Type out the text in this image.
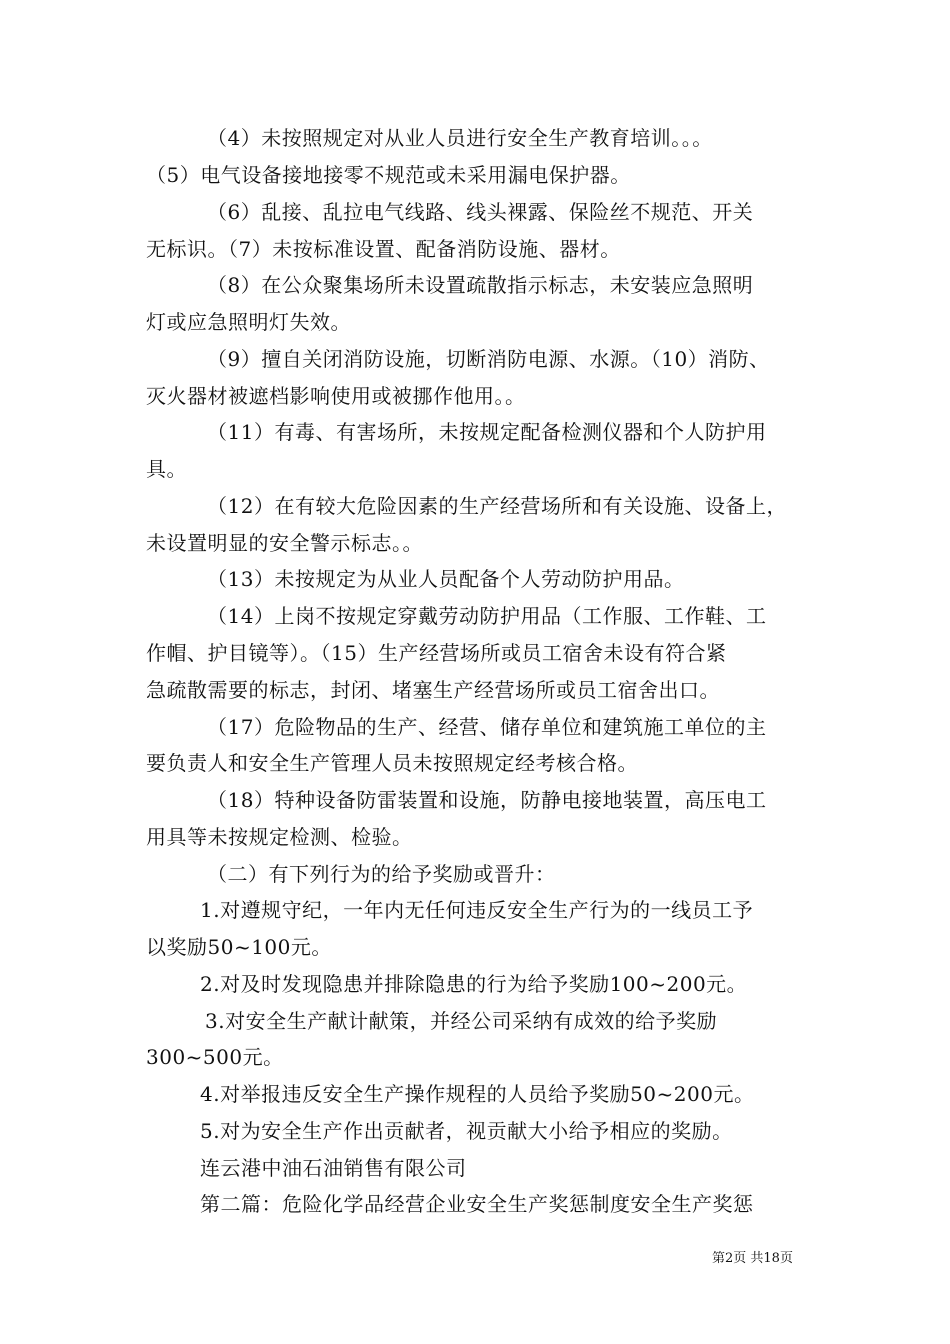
（4）未按照规定对从业人员进行安全生产教育培训。。。
（5）电气设备接地接零不规范或未采用漏电保护器。
（6）乱接、乱拉电气线路、线头裸露、保险丝不规范、开关
无标识。（7）未按标准设置、配备消防设施、器材。
（8）在公众聚集场所未设置疏散指示标志，未安装应急照明
灯或应急照明灯失效。
（9）擅自关闭消防设施，切断消防电源、水源。（10）消防、
灭火器材被遮档影响使用或被挪作他用。。
（11）有毒、有害场所，未按规定配备检测仪器和个人防护用
具。
（12）在有较大危险因素的生产经营场所和有关设施、设备上，
未设置明显的安全警示标志。。
（13）未按规定为从业人员配备个人劳动防护用品。
（14）上岗不按规定穿戴劳动防护用品（工作服、工作鞋、工
作帽、护目镜等）。（15）生产经营场所或员工宿舍未设有符合紧
急疏散需要的标志，封闭、堵塞生产经营场所或员工宿舍出口。
（17）危险物品的生产、经营、储存单位和建筑施工单位的主
要负责人和安全生产管理人员未按照规定经考核合格。
（18）特种设备防雷装置和设施，防静电接地装置，高压电工
用具等未按规定检测、检验。
（二）有下列行为的给予奖励或晋升：
1.对遵规守纪，一年内无任何违反安全生产行为的一线员工予
以奖励50~100元。
2.对及时发现隐患并排除隐患的行为给予奖励100~200元。
3.对安全生产献计献策，并经公司采纳有成效的给予奖励
300~500元。
4.对举报违反安全生产操作规程的人员给予奖励50~200元。
5.对为安全生产作出贡献者，视贡献大小给予相应的奖励。
连云港中油石油销售有限公司
第二篇：危险化学品经营企业安全生产奖惩制度安全生产奖惩
第2页 共18页
